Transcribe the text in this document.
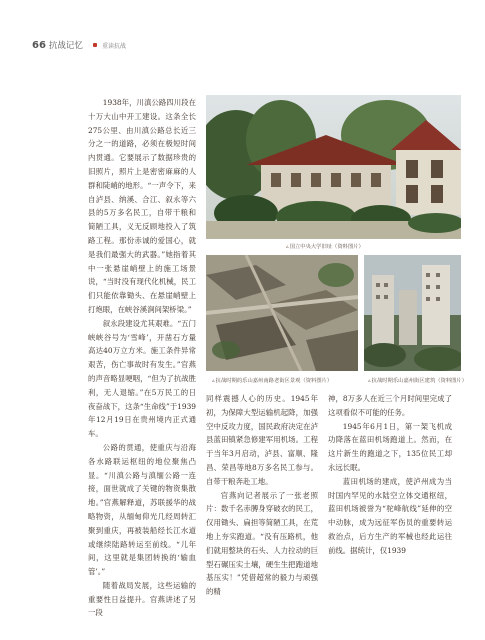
66 抗战记忆	重读抗战
▵国立中央大学旧址（资料图片）
▵抗战时期的乐山嘉州南路老街区景观（资料图片）	▵抗战时期乐山嘉州街区建筑（资料图片）

1938年，川滇公路四川段在十万大山中开工建设。这条全长275公里、由川滇公路总长近三分之一的道路，必须在极短时间内贯通。它要展示了数据珍贵的旧照片，照片上是密密麻麻的人群和陡峭的地形。“一声令下，来自泸县、纳溪、合江、叙永等六县的5万多名民工，自带干粮和简陋工具，义无反顾地投入了筑路工程。那份赤诚的爱国心，就是我们最强大的武器。”她指着其中一张悬崖峭壁上的施工场景说，“当时没有现代化机械，民工们只能依靠锄头、在悬崖峭壁上打炮眼，在峡谷溪涧间架桥梁。”

叙永段建设尤其艰难。“五门峡峡谷号为‘雪峰’，开凿石方量高达40万立方米。施工条件异常艰苦，伤亡事故时有发生。”官燕的声音略显哽咽，“但为了抗战胜利，无人退缩。”在5万民工的日夜奋战下，这条“生命线”于1939年12月19日在贵州境内正式通车。

公路的贯通，使重庆与沿海各水路联运枢纽的地位聚焦凸显。“川滇公路与滇缅公路一连接，面世就成了关键的物资集散地。”官燕解释道，苏联援华的战略物资，从缅甸仰光几经周转汇聚到重庆，再被装船经长江水道或继续陆路转运至前线。“儿年间，这里就是集团转换的‘输血管’。”

随着战局发展，这些运输的重要性日益提升。官燕讲述了另一段

同样震撼人心的历史。1945年初，为保障大型运输机起降，加强空中反攻力度，国民政府决定在泸县蓝田镇紧急修建军用机场。工程于当年3月启动，泸县、富顺、隆昌、荣昌等地8万多名民工参与。自带干粮奔赴工地。

官燕向记者展示了一张老照片：数千名赤膊身穿破衣的民工，仅用锄头、扁担等简陋工具，在荒地上夯实跑道。“没有压路机，他们就用整块的石头、人力拉动的巨型石碾压实土壤，硬生生把跑道地基压实！”凭借超常的毅力与顽强的精

神，8万多人在近三个月时间里完成了这项看似不可能的任务。

1945年6月1日，第一架飞机成功降落在蓝田机场跑道上。然而，在这片新生的跑道之下，135位民工却永远长眠。

蓝田机场的建成，使泸州成为当时国内罕见的水陆空立体交通枢纽，蓝田机场被誉为“驼峰航线”延伸的空中动脉，成为远征军伤员的重要转运救治点，后方生产的军械也经此运往前线。据统计，仅1939
